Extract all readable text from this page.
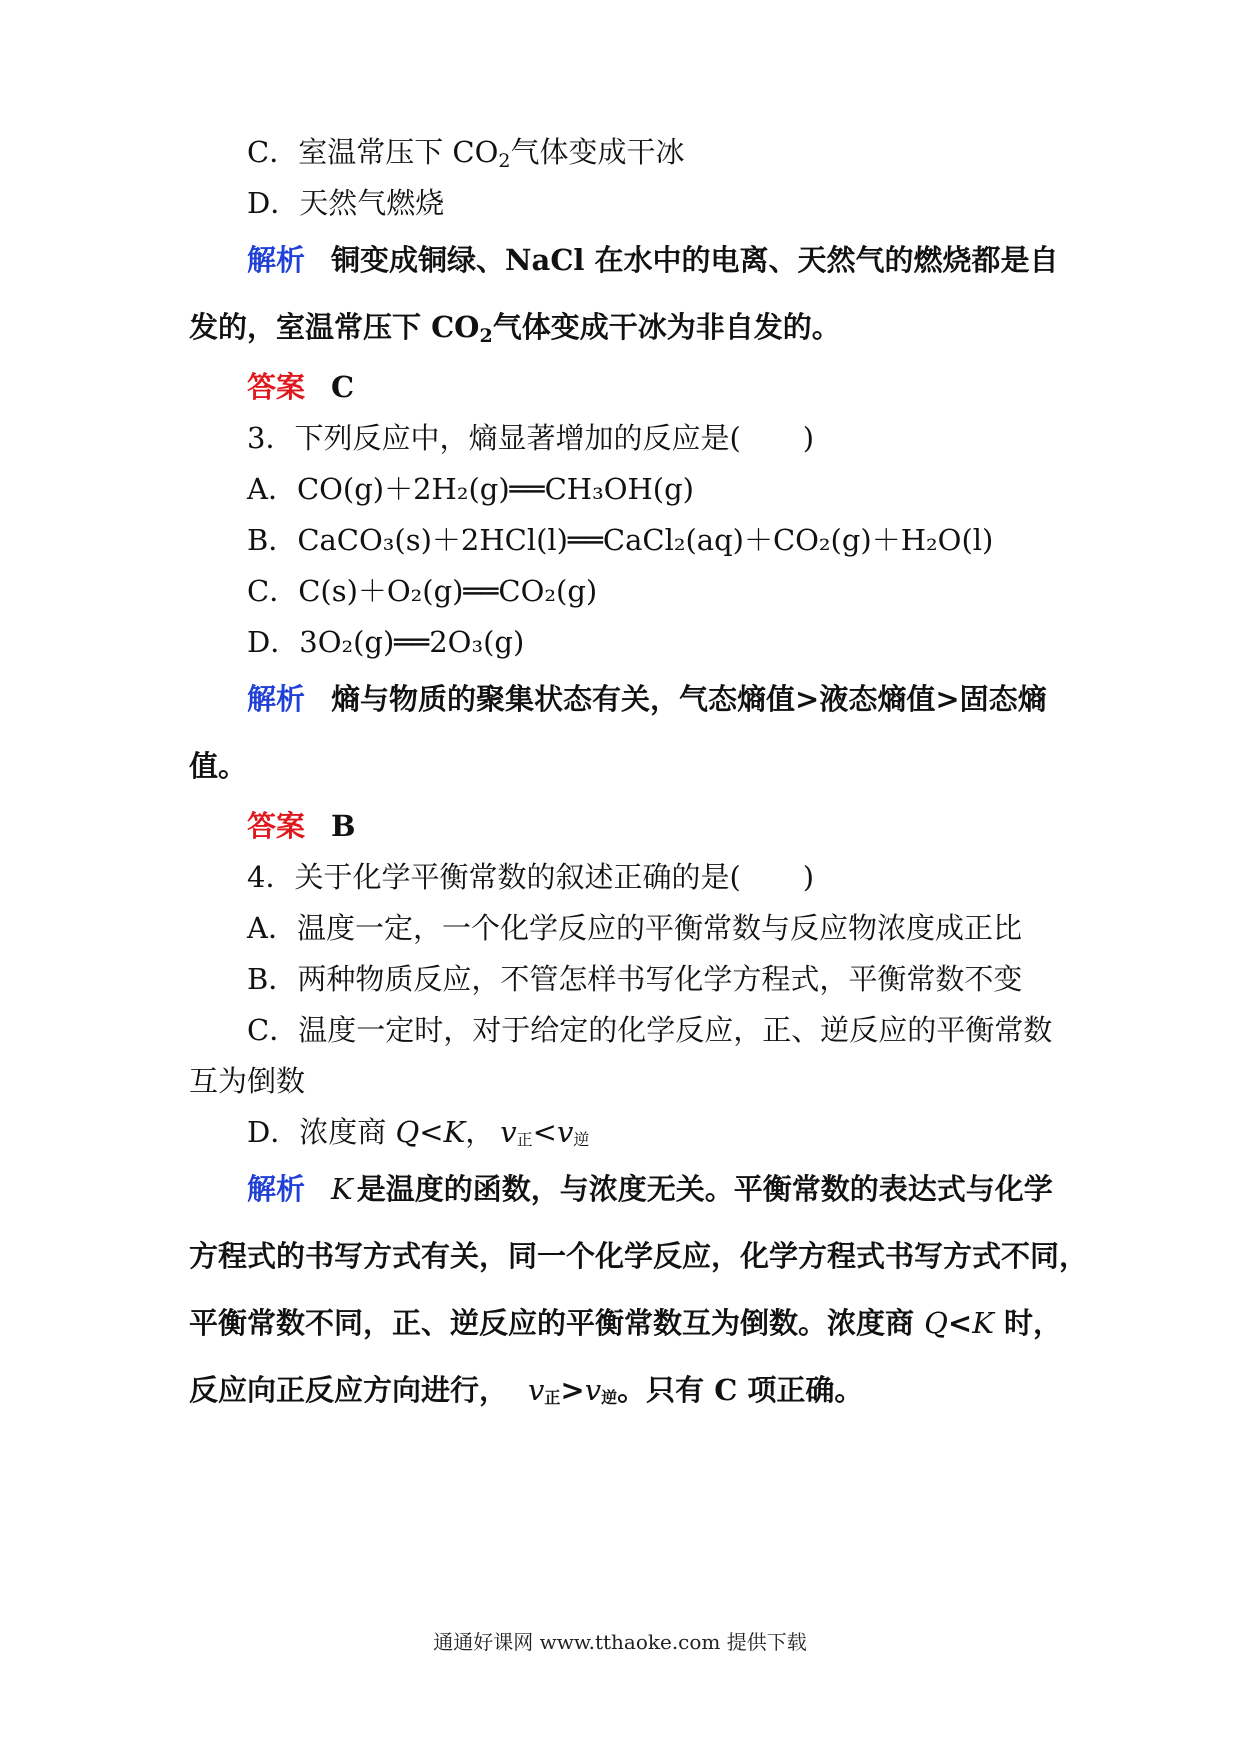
C．室温常压下 $CO_2$气体变成干冰
D．天然气燃烧
解析 铜变成铜绿、NaCl 在水中的电离、天然气的燃烧都是自
发的，室温常压下 $CO_2$气体变成干冰为非自发的。
答案 C
3．下列反应中，熵显著增加的反应是( )
A．CO(g)＋2H₂(g)══CH₃OH(g)
B．CaCO₃(s)＋2HCl(l)══CaCl₂(aq)＋CO₂(g)＋H₂O(l)
C．C(s)＋O₂(g)══CO₂(g)
D．3O₂(g)══2O₃(g)
解析 熵与物质的聚集状态有关，气态熵值>液态熵值>固态熵
值。
答案 B
4．关于化学平衡常数的叙述正确的是( )
A．温度一定，一个化学反应的平衡常数与反应物浓度成正比
B．两种物质反应，不管怎样书写化学方程式，平衡常数不变
C．温度一定时，对于给定的化学反应，正、逆反应的平衡常数
互为倒数
D．浓度商 Q<K， v正<v逆
解析 K 是温度的函数，与浓度无关。平衡常数的表达式与化学
方程式的书写方式有关，同一个化学反应，化学方程式书写方式不同，
平衡常数不同，正、逆反应的平衡常数互为倒数。浓度商 Q<K 时，
反应向正反应方向进行， v正>v逆。只有 C 项正确。
通通好课网 www.tthaoke.com 提供下载
